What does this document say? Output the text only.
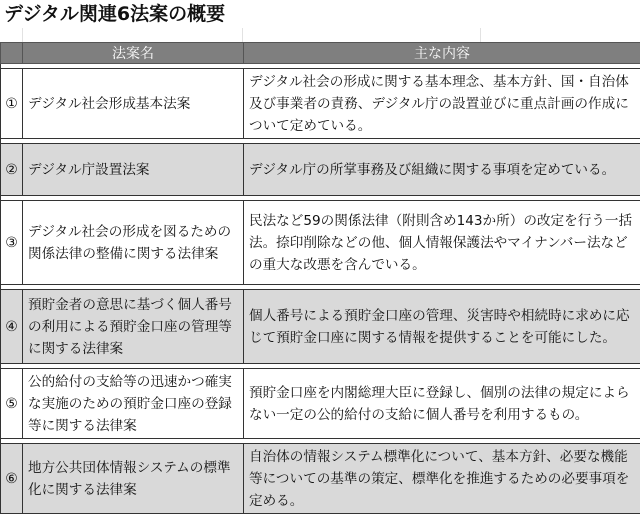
デジタル関連6法案の概要
	法案名	主な内容

①	デジタル社会形成基本法案	デジタル社会の形成に関する基本理念、基本方針、国・自治体及び事業者の責務、デジタル庁の設置並びに重点計画の作成について定めている。

②	デジタル庁設置法案	デジタル庁の所掌事務及び組織に関する事項を定めている。

③	デジタル社会の形成を図るための関係法律の整備に関する法律案	民法など59の関係法律（附則含め143か所）の改定を行う一括法。捺印削除などの他、個人情報保護法やマイナンバー法などの重大な改悪を含んでいる。

④	預貯金者の意思に基づく個人番号の利用による預貯金口座の管理等に関する法律案	個人番号による預貯金口座の管理、災害時や相続時に求めに応じて預貯金口座に関する情報を提供することを可能にした。

⑤	公的給付の支給等の迅速かつ確実な実施のための預貯金口座の登録等に関する法律案	預貯金口座を内閣総理大臣に登録し、個別の法律の規定によらない一定の公的給付の支給に個人番号を利用するもの。

⑥	地方公共団体情報システムの標準化に関する法律案	自治体の情報システム標準化について、基本方針、必要な機能等についての基準の策定、標準化を推進するための必要事項を定める。
